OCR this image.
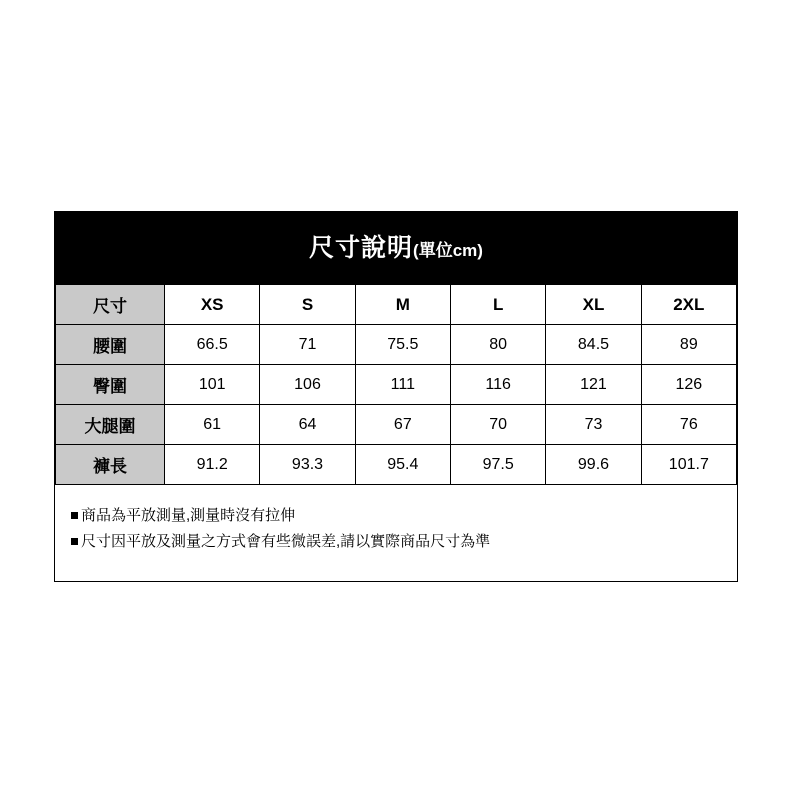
尺寸說明(單位cm)
尺寸	XS	S	M	L	XL	2XL
腰圍	66.5	71	75.5	80	84.5	89
臀圍	101	106	111	116	121	126
大腿圍	61	64	67	70	73	76
褲長	91.2	93.3	95.4	97.5	99.6	101.7
商品為平放測量,測量時沒有拉伸
尺寸因平放及測量之方式會有些微誤差,請以實際商品尺寸為準
